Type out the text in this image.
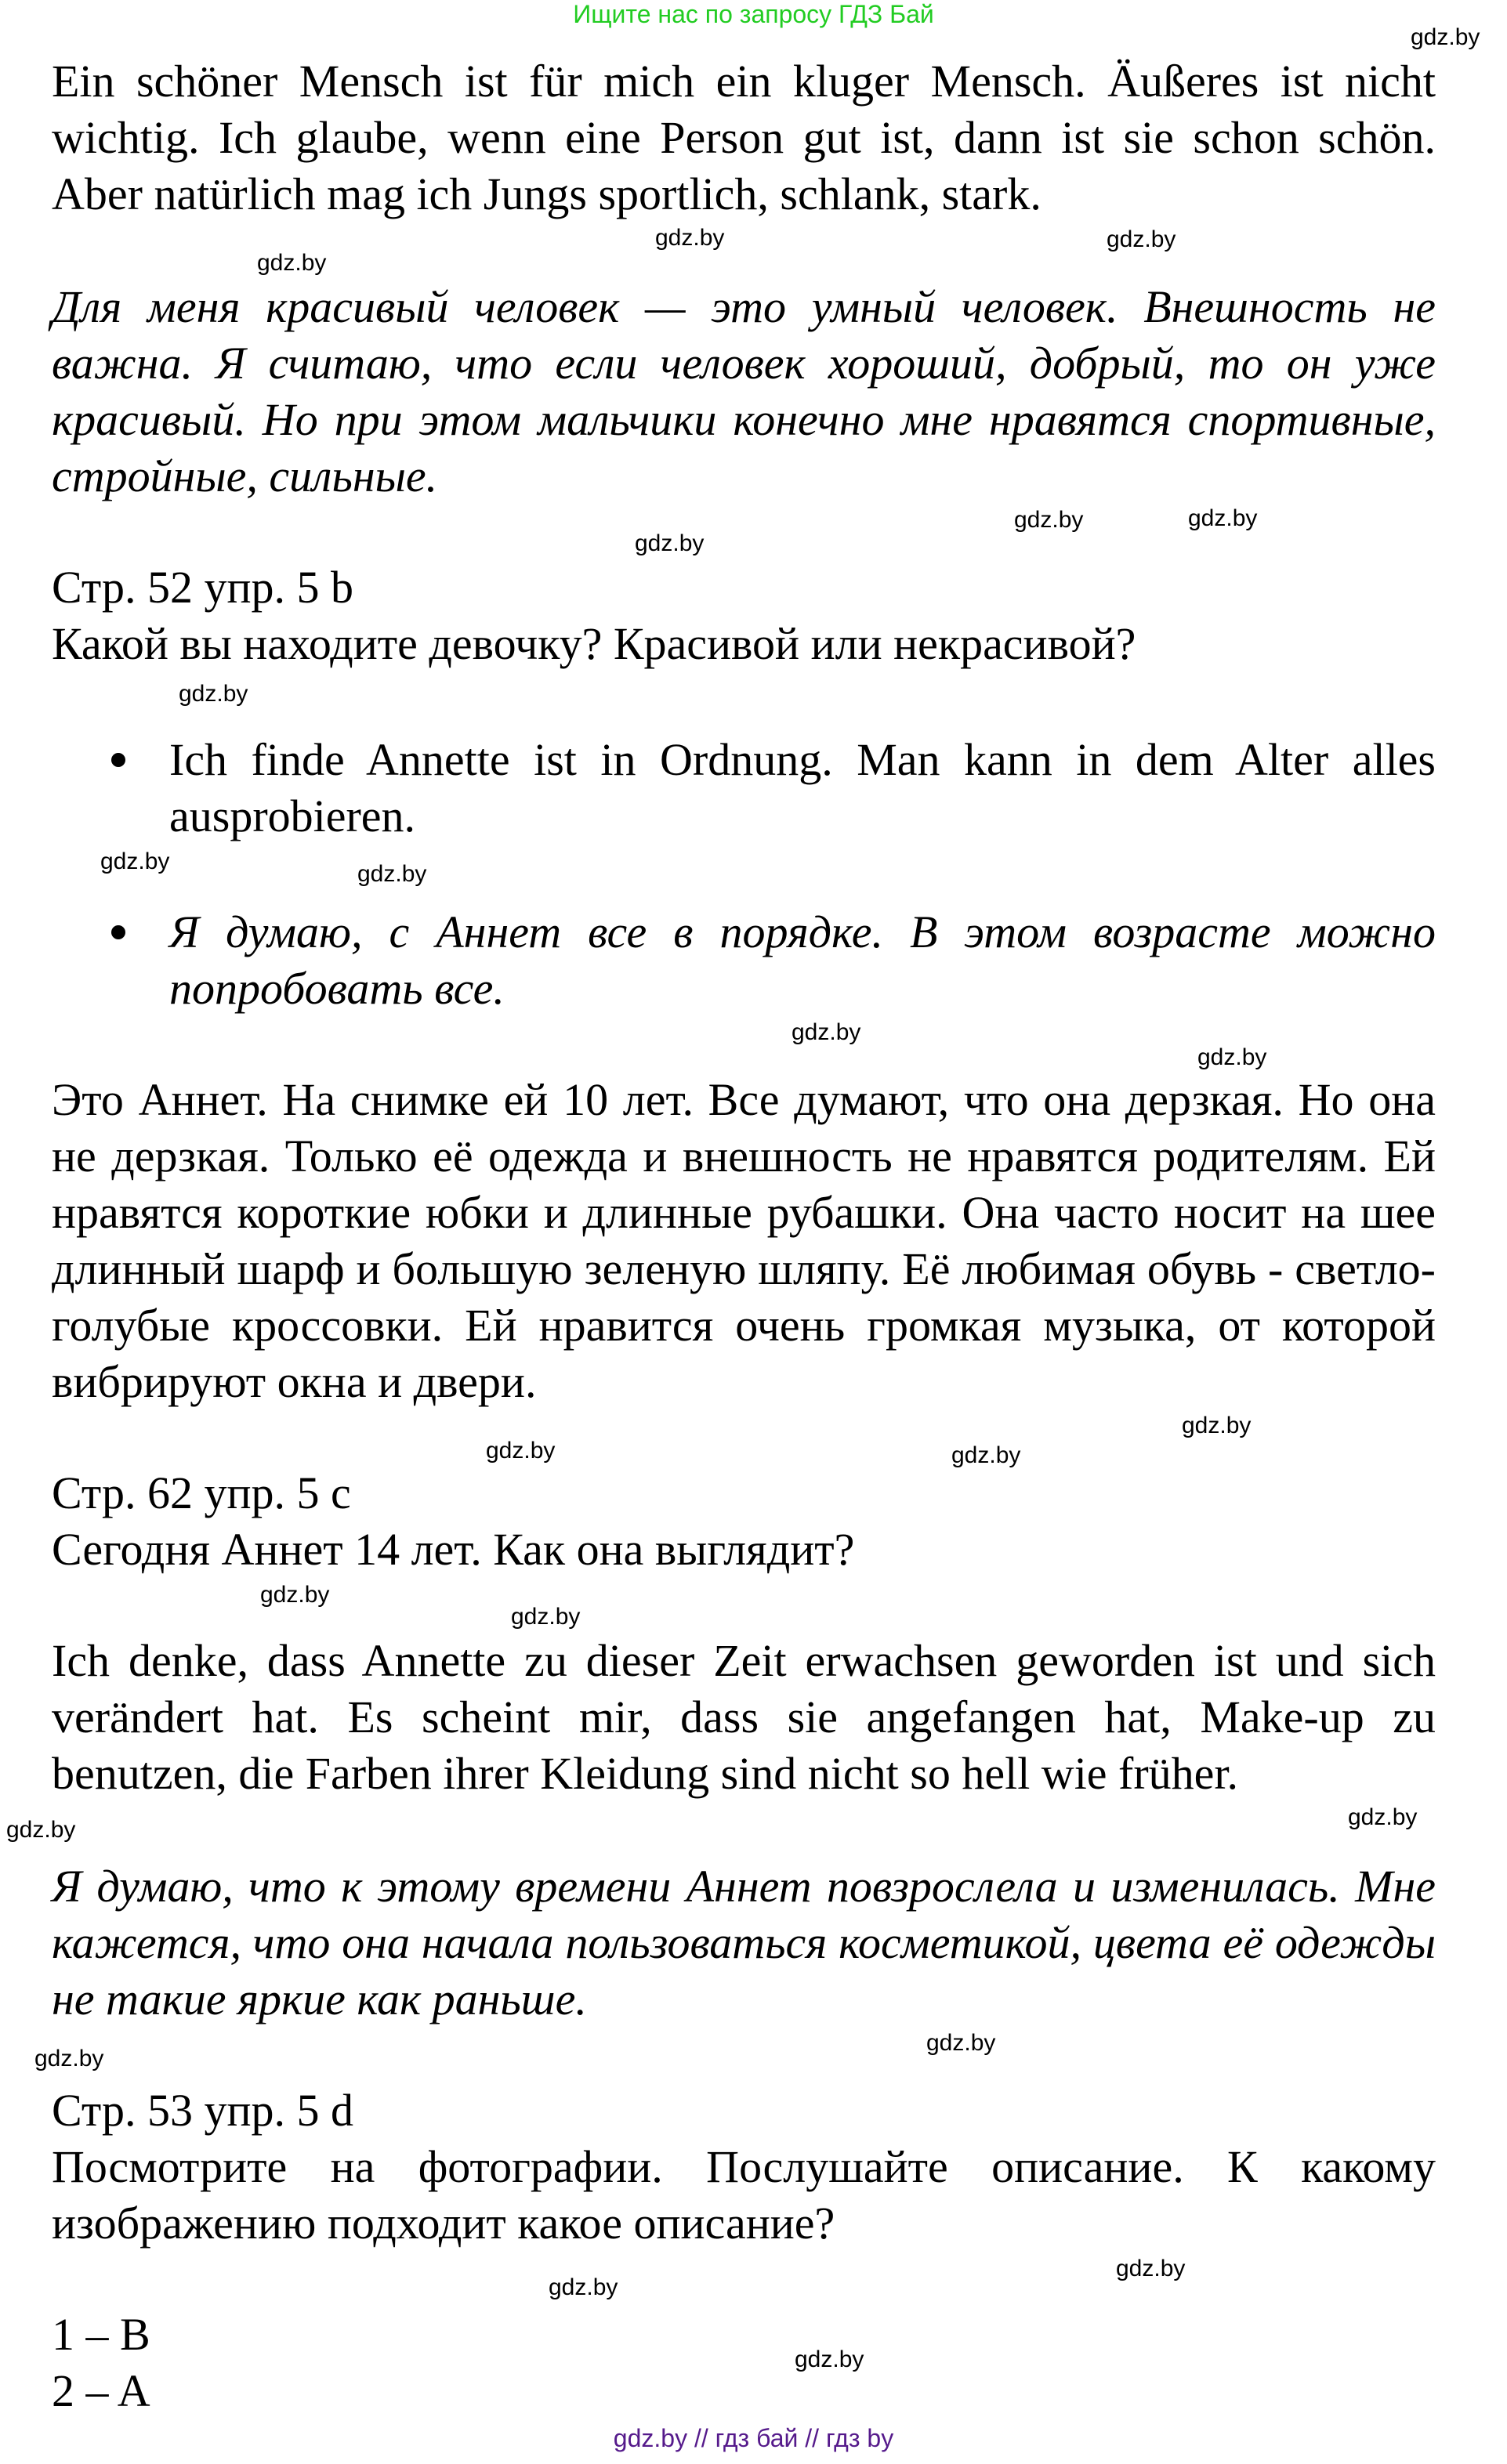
Ищите нас по запросу ГДЗ Бай

Ein schöner Mensch ist für mich ein kluger Mensch. Äußeres ist nicht wichtig. Ich glaube, wenn eine Person gut ist, dann ist sie schon schön. Aber natürlich mag ich Jungs sportlich, schlank, stark.

Для меня красивый человек — это умный человек. Внешность не важна. Я считаю, что если человек хороший, добрый, то он уже красивый. Но при этом мальчики конечно мне нравятся спортивные, стройные, сильные.

Стр. 52 упр. 5 b

Какой вы находите девочку? Красивой или некрасивой?

Ich finde Annette ist in Ordnung. Man kann in dem Alter alles ausprobieren.
Я думаю, с Аннет все в порядке. В этом возрасте можно попробовать все.

Это Аннет. На снимке ей 10 лет. Все думают, что она дерзкая. Но она не дерзкая. Только её одежда и внешность не нравятся родителям. Ей нравятся короткие юбки и длинные рубашки. Она часто носит на шее длинный шарф и большую зеленую шляпу. Её любимая обувь - светло-голубые кроссовки. Ей нравится очень громкая музыка, от которой вибрируют окна и двери.

Стр. 62 упр. 5 c

Сегодня Аннет 14 лет. Как она выглядит?

Ich denke, dass Annette zu dieser Zeit erwachsen geworden ist und sich verändert hat. Es scheint mir, dass sie angefangen hat, Make-up zu benutzen, die Farben ihrer Kleidung sind nicht so hell wie früher.

Я думаю, что к этому времени Аннет повзрослела и изменилась. Мне кажется, что она начала пользоваться косметикой, цвета её одежды не такие яркие как раньше.

Стр. 53 упр. 5 d

Посмотрите на фотографии. Послушайте описание. К какому изображению подходит какое описание?

1 – B

2 – A

gdz.by // гдз бай // гдз by
gdz.by
gdz.by
gdz.by
gdz.by
gdz.by	gdz.by
gdz.by
gdz.by
gdz.by	gdz.by
gdz.by
gdz.by
gdz.by
gdz.by
gdz.by
gdz.by
gdz.by
gdz.by
gdz.by
gdz.by
gdz.by
gdz.by
gdz.by
gdz.by
